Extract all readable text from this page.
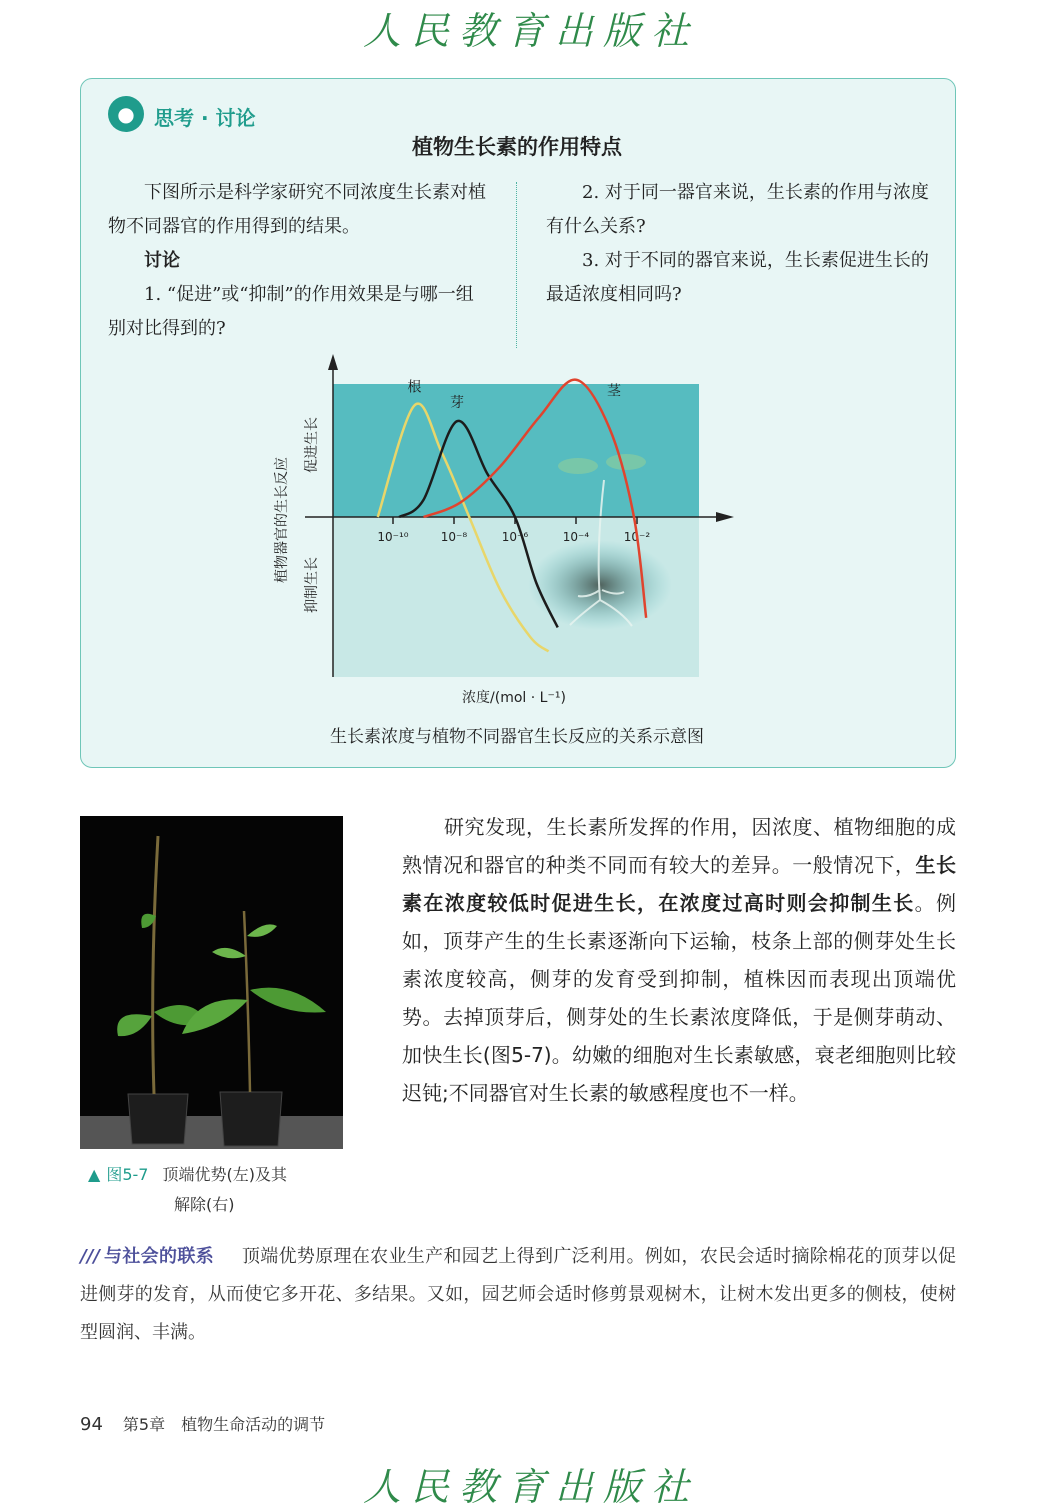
人民教育出版社
● 思考 · 讨论
植物生长素的作用特点

下图所示是科学家研究不同浓度生长素对植物不同器官的作用得到的结果。

讨论

1. “促进”或“抑制”的作用效果是与哪一组别对比得到的?

2. 对于同一器官来说，生长素的作用与浓度有什么关系?

3. 对于不同的器官来说，生长素促进生长的最适浓度相同吗?

10⁻¹⁰	10⁻⁸	10⁻⁶	10⁻⁴	10⁻²
根
芽
茎
植物器官的生长反应
促进生长
抑制生长
浓度/(mol · L⁻¹)
生长素浓度与植物不同器官生长反应的关系示意图
▲ 图5-7 顶端优势(左)及其
解除(右)

研究发现，生长素所发挥的作用，因浓度、植物细胞的成熟情况和器官的种类不同而有较大的差异。一般情况下，生长素在浓度较低时促进生长，在浓度过高时则会抑制生长。例如，顶芽产生的生长素逐渐向下运输，枝条上部的侧芽处生长素浓度较高，侧芽的发育受到抑制，植株因而表现出顶端优势。去掉顶芽后，侧芽处的生长素浓度降低，于是侧芽萌动、加快生长(图5-7)。幼嫩的细胞对生长素敏感，衰老细胞则比较迟钝;不同器官对生长素的敏感程度也不一样。

/// 与社会的联系 顶端优势原理在农业生产和园艺上得到广泛利用。例如，农民会适时摘除棉花的顶芽以促进侧芽的发育，从而使它多开花、多结果。又如，园艺师会适时修剪景观树木，让树木发出更多的侧枝，使树型圆润、丰满。
94 第5章 植物生命活动的调节
人民教育出版社
